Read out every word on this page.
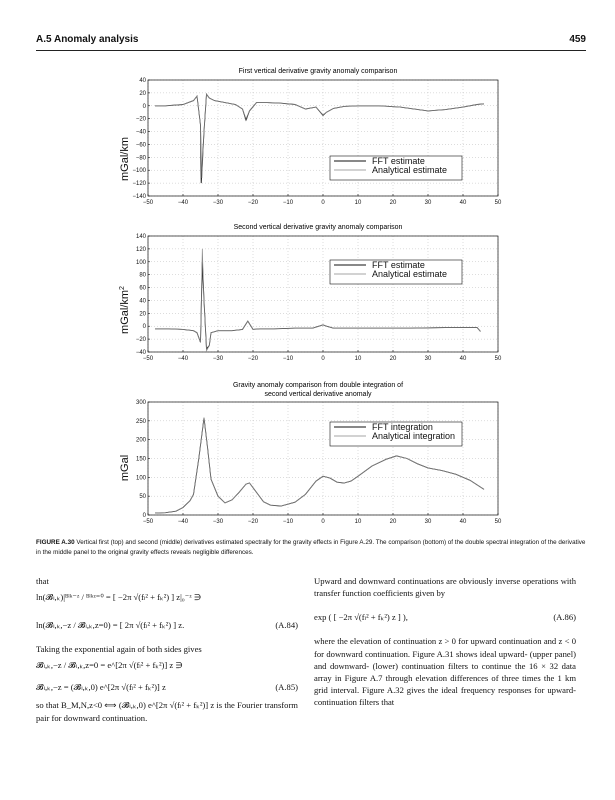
A.5 Anomaly analysis	459
First vertical derivative gravity anomaly comparison
mGal/km
−50	−40	−30	−20	−10	0	10	20	30	40	50
40
20
0
−20
−40
−60
−80
−100
−120
−140
FFT estimate
Analytical estimate
Second vertical derivative gravity anomaly comparison
mGal/$km^2$
−50	−40	−30	−20	−10	0	10	20	30	40	50
140
120
100
80
60
40
20
0
−20
−40
FFT estimate
Analytical estimate
Gravity anomaly comparison from double integration of
second vertical derivative anomaly
mGal
−50	−40	−30	−20	−10	0	10	20	30	40	50
300
250
200
150
100
50
0
FFT integration
Analytical integration
FIGURE A.30 Vertical first (top) and second (middle) derivatives estimated spectrally for the gravity effects in Figure A.29. The comparison (bottom) of the double spectral integration of the derivative in the middle panel to the original gravity effects reveals negligible differences.

that

ln(𝓑ₗ,ₖ)|ᴮˡᵏ⁻ᶻ / ᴮˡᵏᶻ⁼⁰ = [ −2π √(fₗ² + fₖ²) ] z|₀⁻ᶻ ∋
ln(𝓑ₗ,ₖ,−z / 𝓑ₗ,ₖ,z=0) = [ 2π √(fₗ² + fₖ²) ] z.	(A.84)

Taking the exponential again of both sides gives

𝓑ₗ,ₖ,−z / 𝓑ₗ,ₖ,z=0 = e^[2π √(fₗ² + fₖ²)] z ∋
𝓑ₗ,ₖ,−z = (𝓑ₗ,ₖ,0) e^[2π √(fₗ² + fₖ²)] z	(A.85)

so that B_M,N,z<0 ⟺ (𝓑ₗ,ₖ,0) e^[2π √(fₗ² + fₖ²)] z is the Fourier transform pair for downward continuation.

Upward and downward continuations are obviously inverse operations with transfer function coefficients given by

exp ( [ −2π √(fₗ² + fₖ²) z ] ),	(A.86)

where the elevation of continuation z > 0 for upward continuation and z < 0 for downward continuation. Figure A.31 shows ideal upward- (upper panel) and downward- (lower) continuation filters to continue the 16 × 32 data array in Figure A.7 through elevation differences of three times the 1 km grid interval. Figure A.32 gives the ideal frequency responses for upward-continuation filters that
